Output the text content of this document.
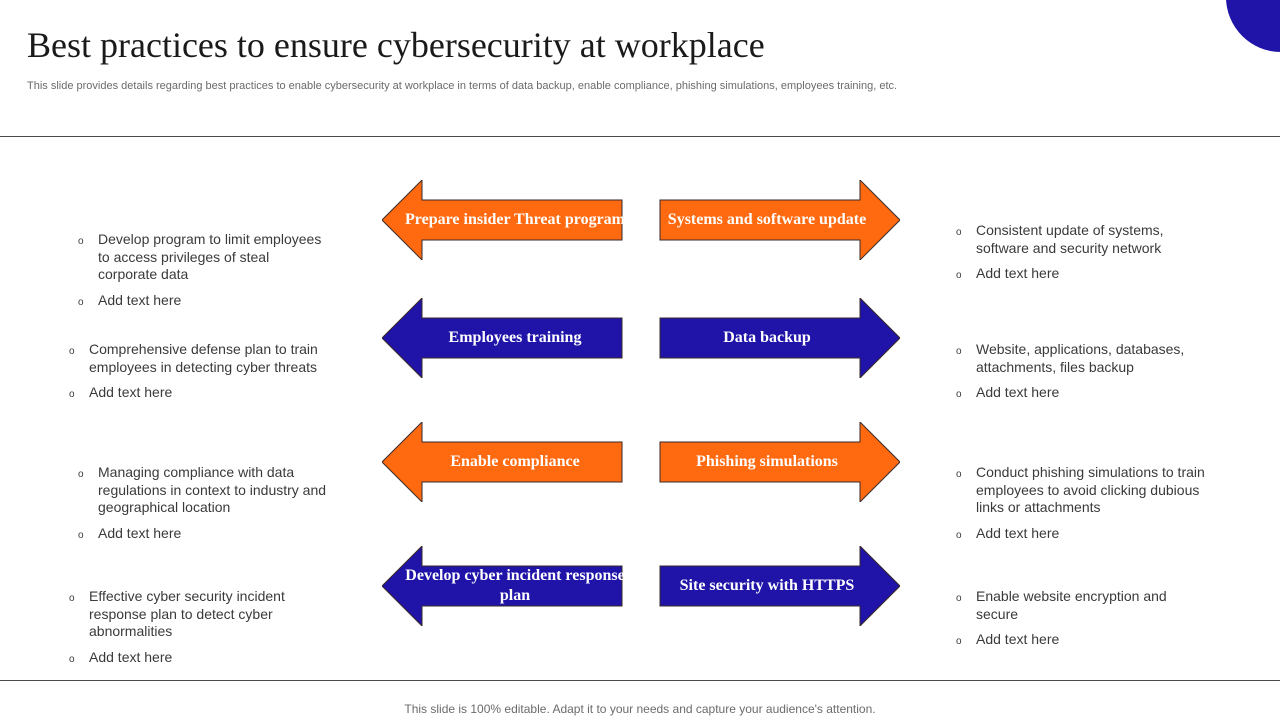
Best practices to ensure cybersecurity at workplace
This slide provides details regarding best practices to enable cybersecurity at workplace in terms of data backup, enable compliance, phishing simulations, employees training, etc.
Prepare insider Threat program
Employees training
Enable compliance
Develop cyber incident response plan
Systems and software update
Data backup
Phishing simulations
Site security with HTTPS
o Develop program to limit employees to access privileges of steal corporate data
o Add text here
o Comprehensive defense plan to train employees in detecting cyber threats
o Add text here
o Managing compliance with data regulations in context to industry and geographical location
o Add text here
o Effective cyber security incident response plan to detect cyber abnormalities
o Add text here
o Consistent update of systems, software and security network
o Add text here
o Website, applications, databases, attachments, files backup
o Add text here
o Conduct phishing simulations to train employees to avoid clicking dubious links or attachments
o Add text here
o Enable website encryption and secure
o Add text here
This slide is 100% editable. Adapt it to your needs and capture your audience's attention.
